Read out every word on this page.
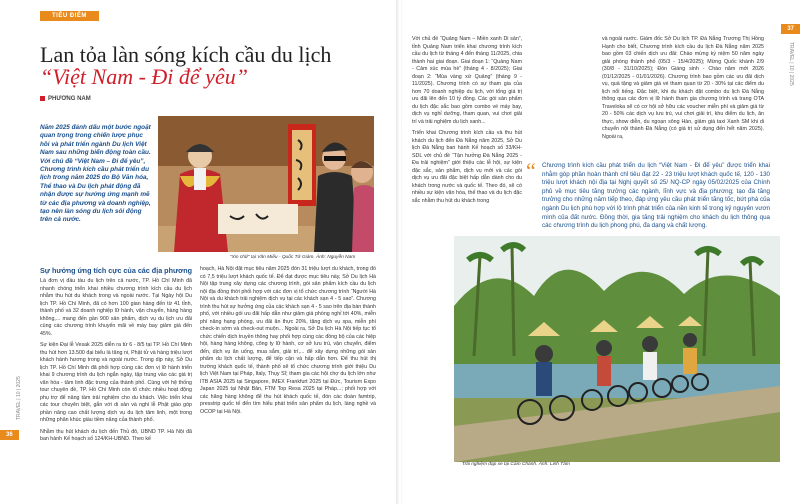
TIÊU ĐIỂM
Lan tỏa làn sóng kích cầu du lịch
“Việt Nam - Đi để yêu”
PHƯƠNG NAM
Năm 2025 đánh dấu một bước ngoặt quan trọng trong chiến lược phục hồi và phát triển ngành Du lịch Việt Nam sau những biến động toàn cầu. Với chủ đề “Việt Nam – Đi để yêu”, Chương trình kích cầu phát triển du lịch trong năm 2025 do Bộ Văn hóa, Thể thao và Du lịch phát động đã nhận được sự hưởng ứng mạnh mẽ từ các địa phương và doanh nghiệp, tạo nên làn sóng du lịch sôi động trên cả nước.
“Xin chữ” tại Văn Miếu - Quốc Tử Giám. Ảnh: Nguyễn Nam
Sự hưởng ứng tích cực của các địa phương

Là đơn vị đầu tàu du lịch trên cả nước, TP. Hồ Chí Minh đã nhanh chóng triển khai nhiều chương trình kích cầu du lịch nhằm thu hút du khách trong và ngoài nước. Tại Ngày hội Du lịch TP. Hồ Chí Minh, đã có hơn 100 gian hàng đến từ 41 tỉnh, thành phố và 32 doanh nghiệp lữ hành, vận chuyển, hàng hàng không,... mang đến gần 900 sản phẩm, dịch vụ du lịch ưu đãi cùng các chương trình khuyến mãi về máy bay giảm giá đến 45%.

Sự kiện Đại lễ Vesak 2025 diễn ra từ 6 - 8/5 tại TP. Hồ Chí Minh thu hút hơn 13.500 đại biểu là tăng ni, Phật tử và hàng triệu lượt khách hành hương trong và ngoài nước. Trong dịp này, Sở Du lịch TP. Hồ Chí Minh đã phối hợp cùng các đơn vị lữ hành triển khai 9 chương trình du lịch ngắn ngày, tập trung vào các giá trị văn hóa - tâm linh đặc trưng của thành phố. Cùng với hệ thống tour chuyên đề, TP. Hồ Chí Minh còn tổ chức nhiều hoạt động phụ trợ để nâng tầm trải nghiệm cho du khách. Việc triển khai các tour chuyên biệt, gắn với di sản và nghi lễ Phật giáo góp phần nâng cao chất lượng dịch vụ du lịch tâm linh, một trong những phân khúc giàu tiềm năng của thành phố.

Nhằm thu hút khách du lịch đến Thủ đô, UBND TP. Hà Nội đã ban hành Kế hoạch số 124/KH-UBND. Theo kế

hoạch, Hà Nội đặt mục tiêu năm 2025 đón 31 triệu lượt du khách, trong đó có 7,5 triệu lượt khách quốc tế. Để đạt được mục tiêu này, Sở Du lịch Hà Nội tập trung xây dựng các chương trình, gói sản phẩm kích cầu du lịch nội địa đồng thời phối hợp với các đơn vị tổ chức chương trình “Người Hà Nội và du khách trải nghiệm dịch vụ tại các khách sạn 4 - 5 sao”. Chương trình thu hút sự hưởng ứng của các khách sạn 4 - 5 sao trên địa bàn thành phố, với nhiều gói ưu đãi hấp dẫn như giảm giá phòng nghỉ tới 40%, miễn phí nâng hạng phòng, ưu đãi ăn thực 20%, tặng dịch vụ spa, miễn phí check-in sớm và check-out muộn... Ngoài ra, Sở Du lịch Hà Nội tiếp tục tổ chức chiến dịch truyền thông hay phối hợp cùng các đồng bộ của các hiệp hội, hàng hàng không, công ty lữ hành, cơ sở lưu trú, vận chuyển, điểm đến, dịch vụ ăn uống, mua sắm, giải trí,... để xây dựng những gói sản phẩm du lịch chất lượng, để tiếp cận và hấp dẫn hơn. Để thu hút thị trường khách quốc tế, thành phố sẽ tổ chức chương trình giới thiệu Du lịch Việt Nam tại Pháp, Italy, Thụy Sĩ; tham gia các hội chợ du lịch lớn như ITB ASIA 2025 tại Singapore, IMEX Frankfurt 2025 tại Đức, Tourism Expo Japan 2025 tại Nhật Bản, FTM Top Resa 2025 tại Pháp...; phối hợp với các hãng hàng không để thu hút khách quốc tế, đón các đoàn famtrip, presstrip quốc tế đến tìm hiểu phát triển sản phẩm du lịch, làng nghề và OCOP tại Hà Nội.

TRAVEL | 10 | 2025
36
37
TRAVEL | 10 | 2025

Với chủ đề “Quảng Nam – Miền xanh Di sản”, tỉnh Quảng Nam triển khai chương trình kích cầu du lịch từ tháng 4 đến tháng 11/2025, chia thành hai giai đoạn. Giai đoạn 1: “Quảng Nam - Cảm xúc mùa hè” (tháng 4 - 8/2025); Giai đoạn 2: “Mùa vàng xứ Quảng” (tháng 9 - 11/2025). Chương trình có sự tham gia của hơn 70 doanh nghiệp du lịch, với tổng giá trị ưu đãi lên đến 10 tỷ đồng. Các gói sản phẩm du lịch đặc sắc bao gồm combo vé máy bay, dịch vụ nghỉ dưỡng, tham quan, vui chơi giải trí và trải nghiệm du lịch xanh...

Triển khai Chương trình kích cầu và thu hút khách du lịch đến Đà Nẵng năm 2025, Sở Du lịch Đà Nẵng ban hành Kế hoạch số 33/KH-SDL với chủ đề “Tận hưởng Đà Nẵng 2025 - Đa trải nghiệm” giới thiệu các lễ hội, sự kiện đặc sắc, sản phẩm, dịch vụ mới và các gói dịch vụ ưu đãi đặc biệt hấp dẫn dành cho du khách trong nước và quốc tế. Theo đó, sẽ có nhiều sự kiện văn hóa, thể thao và du lịch đặc sắc nhằm thu hút du khách trong

và ngoài nước. Giám đốc Sở Du lịch TP. Đà Nẵng Trương Thị Hồng Hạnh cho biết, Chương trình kích cầu du lịch Đà Nẵng năm 2025 bao gồm 03 chiến dịch ưu đãi: Chào mừng kỷ niệm 50 năm ngày giải phóng thành phố (05/3 - 15/4/2025); Mừng Quốc khánh 2/9 (30/8 - 31/10/2025); Đón Giáng sinh - Chào năm mới 2026 (01/12/2025 - 01/01/2026). Chương trình bao gồm các ưu đãi dịch vụ, quà tặng và giảm giá vé tham quan từ 20 - 30% tại các điểm du lịch nổi tiếng. Đặc biệt, khi du khách đặt combo du lịch Đà Nẵng thông qua các đơn vị lữ hành tham gia chương trình và trang OTA Traveloka sẽ có cơ hội sở hữu các voucher miễn phí và giảm giá từ 20 - 50% các dịch vụ lưu trú, vui chơi giải trí, khu điểm du lịch, ăn thực, show diễn, du ngoạn sông Hàn, giảm giá taxi Xanh SM khi di chuyển nội thành Đà Nẵng (có giá trị sử dụng đến hết năm 2025). Ngoài ra,

“ Chương trình kích cầu phát triển du lịch “Việt Nam - Đi để yêu” được triển khai nhằm góp phần hoàn thành chỉ tiêu đạt 22 - 23 triệu lượt khách quốc tế, 120 - 130 triệu lượt khách nội địa tại Nghị quyết số 25/ NQ-CP ngày 05/02/2025 của Chính phủ về mục tiêu tăng trưởng các ngành, lĩnh vực và địa phương; tạo đà tăng trưởng cho những năm tiếp theo, đáp ứng yêu cầu phát triển tăng tốc, bứt phá của ngành Du lịch phù hợp với lộ trình phát triển của nền kinh tế trong kỷ nguyên vươn mình của đất nước. Đồng thời, gia tăng trải nghiệm cho khách du lịch thông qua các chương trình du lịch phong phú, đa dạng và chất lượng.
Trải nghiệm đạp xe tại Cẩm Chánh. Ảnh: Linh Tâm
